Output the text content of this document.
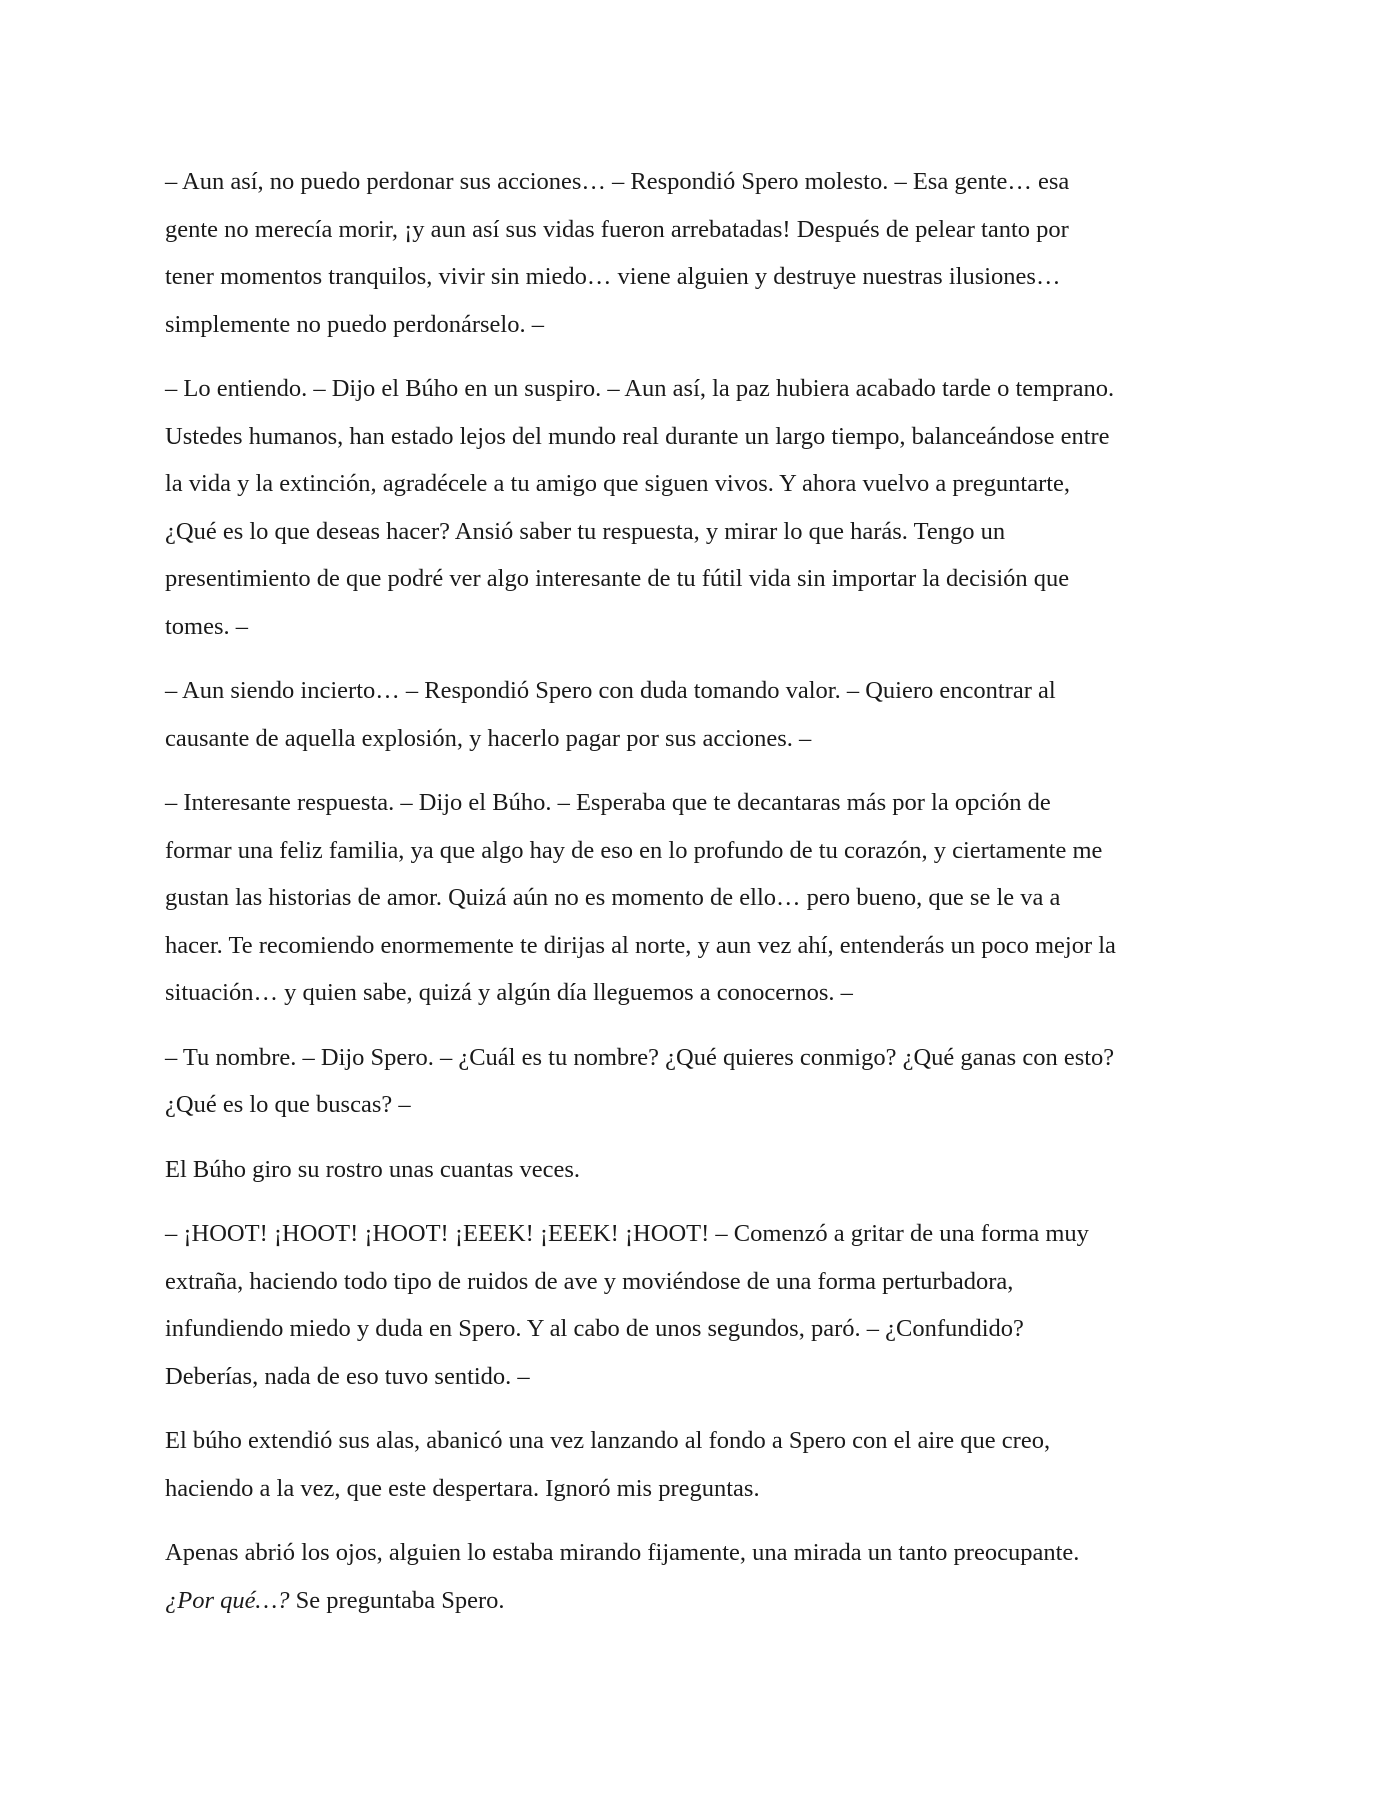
– Aun así, no puedo perdonar sus acciones… – Respondió Spero molesto. – Esa gente… esa
gente no merecía morir, ¡y aun así sus vidas fueron arrebatadas! Después de pelear tanto por
tener momentos tranquilos, vivir sin miedo… viene alguien y destruye nuestras ilusiones…
simplemente no puedo perdonárselo. –

– Lo entiendo. – Dijo el Búho en un suspiro. – Aun así, la paz hubiera acabado tarde o temprano.
Ustedes humanos, han estado lejos del mundo real durante un largo tiempo, balanceándose entre
la vida y la extinción, agradécele a tu amigo que siguen vivos. Y ahora vuelvo a preguntarte,
¿Qué es lo que deseas hacer? Ansió saber tu respuesta, y mirar lo que harás. Tengo un
presentimiento de que podré ver algo interesante de tu fútil vida sin importar la decisión que
tomes. –

– Aun siendo incierto… – Respondió Spero con duda tomando valor. – Quiero encontrar al
causante de aquella explosión, y hacerlo pagar por sus acciones. –

– Interesante respuesta. – Dijo el Búho. – Esperaba que te decantaras más por la opción de
formar una feliz familia, ya que algo hay de eso en lo profundo de tu corazón, y ciertamente me
gustan las historias de amor. Quizá aún no es momento de ello… pero bueno, que se le va a
hacer. Te recomiendo enormemente te dirijas al norte, y aun vez ahí, entenderás un poco mejor la
situación… y quien sabe, quizá y algún día lleguemos a conocernos. –

– Tu nombre. – Dijo Spero. – ¿Cuál es tu nombre? ¿Qué quieres conmigo? ¿Qué ganas con esto?
¿Qué es lo que buscas? –

El Búho giro su rostro unas cuantas veces.

– ¡HOOT! ¡HOOT! ¡HOOT! ¡EEEK! ¡EEEK! ¡HOOT! – Comenzó a gritar de una forma muy
extraña, haciendo todo tipo de ruidos de ave y moviéndose de una forma perturbadora,
infundiendo miedo y duda en Spero. Y al cabo de unos segundos, paró. – ¿Confundido?
Deberías, nada de eso tuvo sentido. –

El búho extendió sus alas, abanicó una vez lanzando al fondo a Spero con el aire que creo,
haciendo a la vez, que este despertara. Ignoró mis preguntas.

Apenas abrió los ojos, alguien lo estaba mirando fijamente, una mirada un tanto preocupante.
¿Por qué…? Se preguntaba Spero.
